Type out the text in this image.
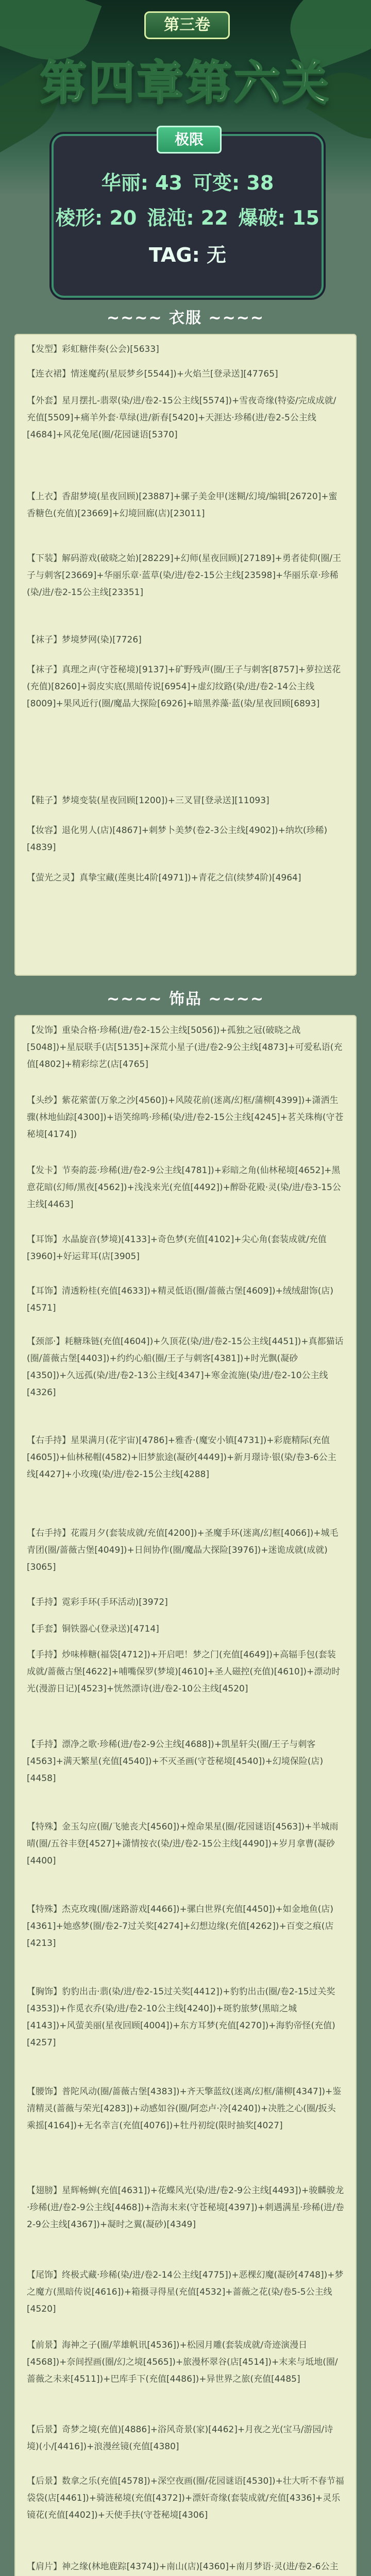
第三卷
第四章第六关
极限
华丽: 43 可变: 38
棱形: 20 混沌: 22 爆破: 15
TAG: 无
~~~~ 衣服 ~~~~
【发型】彩虹糖伴奏(公会)[5633]
【连衣裙】情迷魔药(星辰梦乡[5544])+火焰兰[登录送][47765]
【外套】星月摆扎-翡翠(染/进/卷2-15公主线[5574])+雪夜奇缘(特姿/完成成就/充值[5509]+痛羊外套·草绿(进/新春[5420]+天涯达·珍稀(进/卷2-5公主线[4684]+风花兔尾(圈/花园谜语[5370]
【上衣】香甜梦境(星夜回顾)[23887]+骡子美金甲(迷糊/幻境/编辑[26720]+蜜香糖色(充值)[23669]+幻境回廊(店)[23011]
【下装】解码游戏(破晓之始)[28229]+幻师(星夜回顾)[27189]+勇者徒仰(圈/王子与刺客[23669]+华丽乐章·蓝草(染/进/卷2-15公主线[23598]+华丽乐章·珍稀(染/进/卷2-15公主线[23351]
【袜子】梦境梦网(染)[7726]
【袜子】真理之声(守苍秘境)[9137]+矿野残声(圈/王子与刺客[8757]+萝拉送花(充值)[8260]+弱皮实底(黑暗传说[6954]+虚幻纹路(染/进/卷2-14公主线[8009]+果风近行(圈/魔晶大探险[6926]+暗黑养藻·蓝(染/星夜回顾[6893]
【鞋子】梦境变装(星夜回顾[1200])+三叉冒[登录送][11093]
【妆容】退化男人(店)[4867]+刺梦卜美梦(卷2-3公主线[4902])+纳坎(珍稀)[4839]
【萤光之灵】真挚宝藏(莲奥比4阶[4971])+青花之信(续梦4阶)[4964]
~~~~ 饰品 ~~~~
【发饰】重染合格·珍稀(进/卷2-15公主线[5056])+孤独之冠(破晓之战[5048])+星辰联手(店[5135]+深荒小星子(进/卷2-9公主线[4873]+可爱私语(充值[4802]+精彩综艺(店[4765]
【头纱】紫花萦蕾(万象之沙[4560])+风陵花前(迷离/幻框/蒲柳[4399])+潇洒生骤(林地仙踪[4300])+语笑绵鸣·珍稀(染/进/卷2-15公主线[4245]+茗关珠梅(守苍秘境[4174])
【发卡】节奏韵蕊·珍稀(进/卷2-9公主线[4781])+彩暗之角(仙林秘境[4652]+黑意花暗(幻师/黑夜[4562])+浅浅来光(充值[4492])+醉卧花殿·灵(染/进/卷3-15公主线[4463]
【耳饰】水晶旋音(梦境)[4133]+奇色梦(充值[4102]+尖心角(套装成就/充值[3960]+好运茸耳(店[3905]
【耳饰】清透粉桂(充值[4633])+精灵低语(圈/蔷薇古堡[4609])+绒绒甜饰(店)[4571]
【颈部·】耗糖珠链(充值[4604])+久顶花(染/进/卷2-15公主线[4451])+真都猫话(圈/蔷薇古堡[4403])+约约心船(圈/王子与刺客[4381])+时光飘(凝砂[4350])+久远孤(染/进/卷2-13公主线[4347]+寒金流施(染/进/卷2-10公主线[4326]
【右手持】星果满月(花宇宙)[4786]+雅香·(魔安小镇[4731])+彩鹿精际(充值[4605])+仙林秘帽(4582)+旧梦旅途(凝砂[4449])+新月璟诗·银(染/卷3-6公主线[4427]+小玫瑰(染/进/卷2-15公主线[4288]
【右手持】花霞月夕(套装成就/充值[4200])+圣魔手环(迷离/幻框[4066])+城毛青团(圈/蔷薇古堡[4049])+日间协作(圈/魔晶大探险[3976])+迷诡成就(成就)[3065]
【手持】霓彩手环(手环活动)[3972]
【手套】铜铁器心(登录送)[4714]
【手持】炒味棒糖(福袋[4712])+开启吧！梦之门(充值[4649])+高辐手包(套装成就/蔷薇古堡[4622]+哺嘴保罗(梦境)[4610]+圣人磁控(充值)[4610])+漂动时光(漫游日记)[4523]+恍然漂诗(进/卷2-10公主线[4520]
【手持】漂净之歌·珍稀(进/卷2-9公主线[4688])+凯星轩尖(圈/王子与刺客[4563]+满天繁星(充值[4540])+不灭圣画(守苍秘境[4540])+幻境保险(店)[4458]
【特殊】金玉勾应(圈/飞驰丧犬[4560])+煌命果星(圈/花园谜语[4563])+半城雨晴(圈/五谷丰登[4527]+潇情按衣(染/进/卷2-15公主线[4490])+岁月拿曹(凝砂[4400]
【特殊】杰克玫瑰(圈/迷路游戏[4466])+骡白世界(充值[4450])+如金地鱼(店)[4361]+她惑梦(圈/卷2-7过关奖[4274]+幻想边缘(充值[4262])+百变之痕(店[4213]
【胸饰】豹豹出击·翡(染/进/卷2-15过关奖[4412])+豹豹出击(圈/卷2-15过关奖[4353])+作觅衣乔(染/进/卷2-10公主线[4240])+斑豹旅梦(黑暗之城[4143])+风萤美丽(星夜回顾[4004])+东方耳梦(充值[4270])+海豹帝怪(充值)[4257]
【腰饰】普陀风动(圈/蔷薇古堡[4383])+齐天擎蓝纹(迷离/幻框/蒲柳[4347])+鉴清精灵(蔷薇与荣光[4283])+动感如谷(圈/阿恋卢·冷[4240])+决胜之心(圈/扳头乘摇[4164])+无名幸言(充值[4076])+牡丹初绽(限时抽奖[4027]
【翅膀】星辉畅蝉(充值[4631])+花蝶风光(染/进/卷2-9公主线[4493])+骏麟骏龙·珍稀(进/卷2-9公主线[4468])+浩海末来(守苍秘境[4397])+刺遇满星·珍稀(进/卷2-9公主线[4367])+凝时之翼(凝砂)[4349]
【尾饰】终极式藏·珍稀(染/进/卷2-14公主线[4775])+恶棵幻魔(凝砂[4748])+梦之魔方(黑暗传说[4616])+箱摄寻得星(充值[4532]+蔷薇之花(染/卷5-5公主线[4520]
【前景】海神之子(圈/苹雄帆讯[4536])+松园月雕(套装成就/奇迹演漫日[4568])+奈间捏画(圈/幻之境[4565])+旅漫杯翠谷(店[4514])+末来与坻地(圈/蔷薇之未来[4511])+巴库手下(充值[4486])+异世界之旅(充值[4485]
【后景】奇梦之境(充值)[4886]+浴风奇景(家)[4462]+月夜之光(宝马/游园/诗境)(小/[4416])+浪漫丝镜(充值[4380]
【后景】数拿之乐(充值[4578])+深空夜画(圈/花园谜语[4530])+壮大听不春节福袋袋(店[4461])+骑涟秘境(充值[4372])+漂奸奇缘(套装成就/充值[4336]+灵乐镜花(充值[4402])+天使手扶(守苍秘境[4306]
【肩片】神之缘(林地鹿踪[4374])+南山(店)[4360]+南月梦语·灵(进/卷2-6公主
